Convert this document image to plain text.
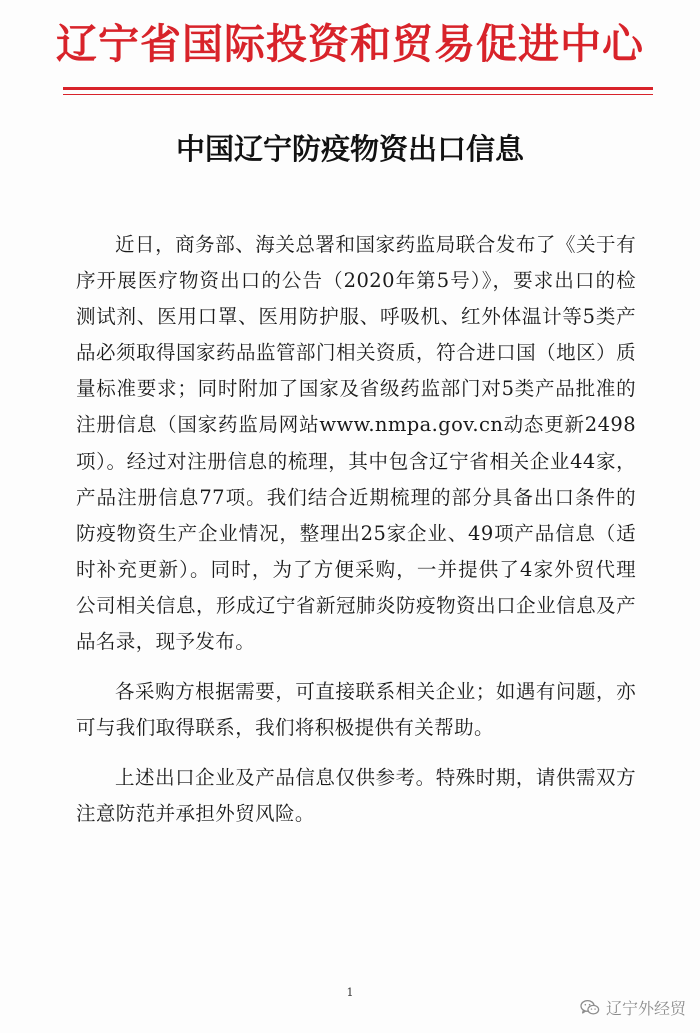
辽宁省国际投资和贸易促进中心
中国辽宁防疫物资出口信息

近日，商务部、海关总署和国家药监局联合发布了《关于有序开展医疗物资出口的公告（2020年第5号）》，要求出口的检测试剂、医用口罩、医用防护服、呼吸机、红外体温计等5类产品必须取得国家药品监管部门相关资质，符合进口国（地区）质量标准要求；同时附加了国家及省级药监部门对5类产品批准的注册信息（国家药监局网站www.nmpa.gov.cn动态更新2498项）。经过对注册信息的梳理，其中包含辽宁省相关企业44家，产品注册信息77项。我们结合近期梳理的部分具备出口条件的防疫物资生产企业情况，整理出25家企业、49项产品信息（适时补充更新）。同时，为了方便采购，一并提供了4家外贸代理公司相关信息，形成辽宁省新冠肺炎防疫物资出口企业信息及产品名录，现予发布。

各采购方根据需要，可直接联系相关企业；如遇有问题，亦可与我们取得联系，我们将积极提供有关帮助。

上述出口企业及产品信息仅供参考。特殊时期，请供需双方注意防范并承担外贸风险。

1
辽宁外经贸
